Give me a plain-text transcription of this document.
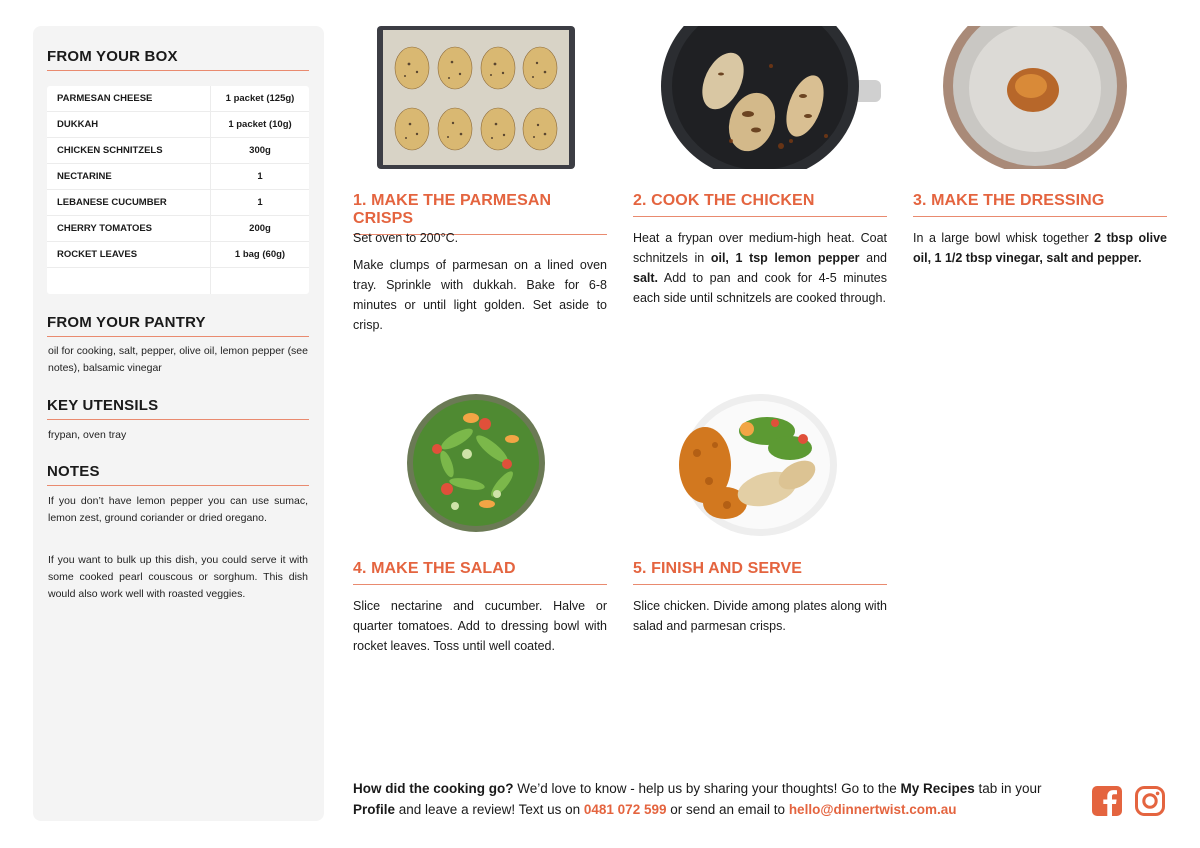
FROM YOUR BOX
PARMESAN CHEESE	1 packet (125g)
DUKKAH	1 packet (10g)
CHICKEN SCHNITZELS	300g
NECTARINE	1
LEBANESE CUCUMBER	1
CHERRY TOMATOES	200g
ROCKET LEAVES	1 bag (60g)
FROM YOUR PANTRY
oil for cooking, salt, pepper, olive oil, lemon pepper (see notes), balsamic vinegar
KEY UTENSILS
frypan, oven tray
NOTES
If you don’t have lemon pepper you can use sumac, lemon zest, ground coriander or dried oregano.
If you want to bulk up this dish, you could serve it with some cooked pearl couscous or sorghum. This dish would also work well with roasted veggies.
1. MAKE THE PARMESAN CRISPS

Set oven to 200°C.

Make clumps of parmesan on a lined oven tray. Sprinkle with dukkah. Bake for 6-8 minutes or until light golden. Set aside to crisp.

2. COOK THE CHICKEN

Heat a frypan over medium-high heat. Coat schnitzels in oil, 1 tsp lemon pepper and salt. Add to pan and cook for 4-5 minutes each side until schnitzels are cooked through.

3. MAKE THE DRESSING

In a large bowl whisk together 2 tbsp olive oil, 1 1/2 tbsp vinegar, salt and pepper.

4. MAKE THE SALAD

Slice nectarine and cucumber. Halve or quarter tomatoes. Add to dressing bowl with rocket leaves. Toss until well coated.

5. FINISH AND SERVE

Slice chicken. Divide among plates along with salad and parmesan crisps.

How did the cooking go? We’d love to know - help us by sharing your thoughts! Go to the My Recipes tab in your Profile and leave a review! Text us on 0481 072 599 or send an email to hello@dinnertwist.com.au
